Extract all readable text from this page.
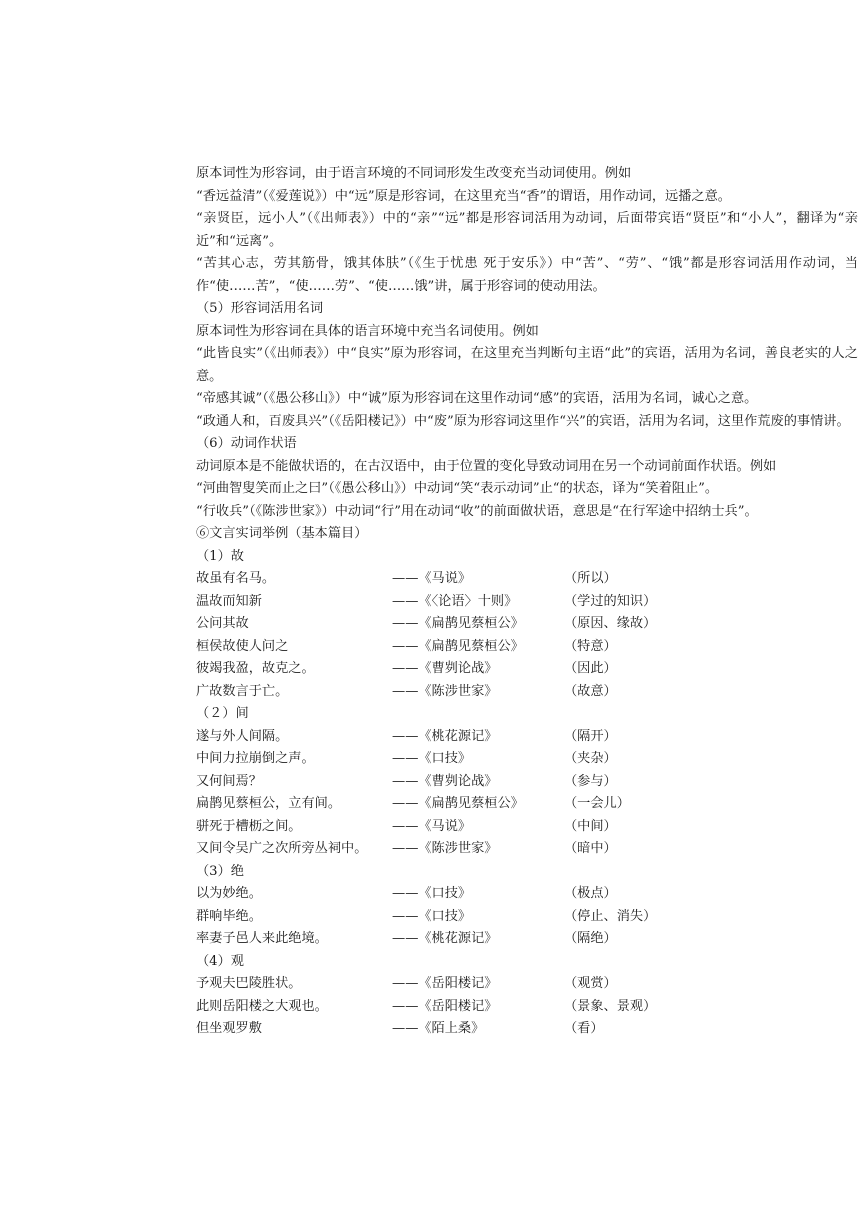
原本词性为形容词，由于语言环境的不同词形发生改变充当动词使用。例如
“香远益清”（《爱莲说》）中“远”原是形容词，在这里充当“香”的谓语，用作动词，远播之意。
“亲贤臣，远小人”（《出师表》）中的“亲”“远”都是形容词活用为动词，后面带宾语“贤臣”和“小人”，翻译为“亲近”和“远离”。
“苦其心志，劳其筋骨，饿其体肤”（《生于忧患 死于安乐》）中“苦”、“劳”、“饿”都是形容词活用作动词，当作“使……苦”，“使……劳”、“使……饿”讲，属于形容词的使动用法。
（5）形容词活用名词
原本词性为形容词在具体的语言环境中充当名词使用。例如
“此皆良实”（《出师表》）中“良实”原为形容词，在这里充当判断句主语“此”的宾语，活用为名词，善良老实的人之意。
“帝感其诚”（《愚公移山》）中“诚”原为形容词在这里作动词“感”的宾语，活用为名词，诚心之意。
“政通人和，百废具兴”（《岳阳楼记》）中“废”原为形容词这里作“兴”的宾语，活用为名词，这里作荒废的事情讲。
（6）动词作状语
动词原本是不能做状语的，在古汉语中，由于位置的变化导致动词用在另一个动词前面作状语。例如
“河曲智叟笑而止之曰”（《愚公移山》）中动词“笑“表示动词”止“的状态，译为“笑着阻止”。
“行收兵”（《陈涉世家》）中动词“行”用在动词“收”的前面做状语，意思是“在行军途中招纳士兵”。
⑥文言实词举例（基本篇目）
（1）故
故虽有名马。	——《马说》	（所以）
温故而知新	——《〈论语〉十则》	（学过的知识）
公问其故	——《扁鹊见蔡桓公》	（原因、缘故）
桓侯故使人问之	——《扁鹊见蔡桓公》	（特意）
彼竭我盈，故克之。	——《曹刿论战》	（因此）
广故数言于亡。	——《陈涉世家》	（故意）
（２）间
遂与外人间隔。	——《桃花源记》	（隔开）
中间力拉崩倒之声。	——《口技》	（夹杂）
又何间焉？	——《曹刿论战》	（参与）
扁鹊见蔡桓公，立有间。	——《扁鹊见蔡桓公》	（一会儿）
骈死于槽枥之间。	——《马说》	（中间）
又间令吴广之次所旁丛祠中。	——《陈涉世家》	（暗中）
（3）绝
以为妙绝。	——《口技》	（极点）
群响毕绝。	——《口技》	（停止、消失）
率妻子邑人来此绝境。	——《桃花源记》	（隔绝）
（4）观
予观夫巴陵胜状。	——《岳阳楼记》	（观赏）
此则岳阳楼之大观也。	——《岳阳楼记》	（景象、景观）
但坐观罗敷	——《陌上桑》	（看）
